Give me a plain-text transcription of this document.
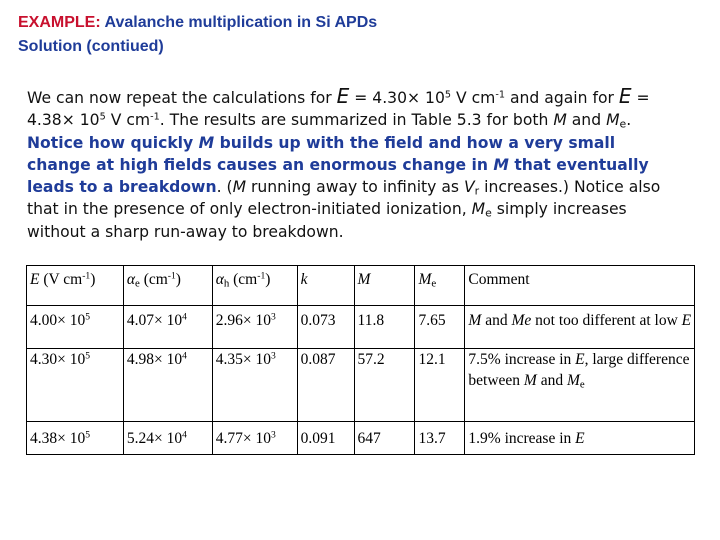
EXAMPLE: Avalanche multiplication in Si APDs
Solution (contiued)
We can now repeat the calculations for $E = 4.30\times 10^5$ V $cm^{-1}$ and again for $E = 4.38\times 10^5$ V $cm^{-1}$. The results are summarized in Table 5.3 for both M and $M_e$. Notice how quickly M builds up with the field and how a very small change at high fields causes an enormous change in M that eventually leads to a breakdown. (M running away to infinity as $V_r$ increases.) Notice also that in the presence of only electron-initiated ionization, $M_e$ simply increases without a sharp run-away to breakdown.
E (V $cm^{-1}$)	$\alpha_e$ $(cm^{-1})$	$\alpha_h$ $(cm^{-1})$	k	M	$M_e$	Comment
$4.00\times 10^5$	$4.07\times 10^4$	$2.96\times 10^3$	0.073	11.8	7.65	M and Me not too different at low E
$4.30\times 10^5$	$4.98\times 10^4$	$4.35\times 10^3$	0.087	57.2	12.1	7.5% increase in E, large difference between M and $M_e$
$4.38\times 10^5$	$5.24\times 10^4$	$4.77\times 10^3$	0.091	647	13.7	1.9% increase in E
